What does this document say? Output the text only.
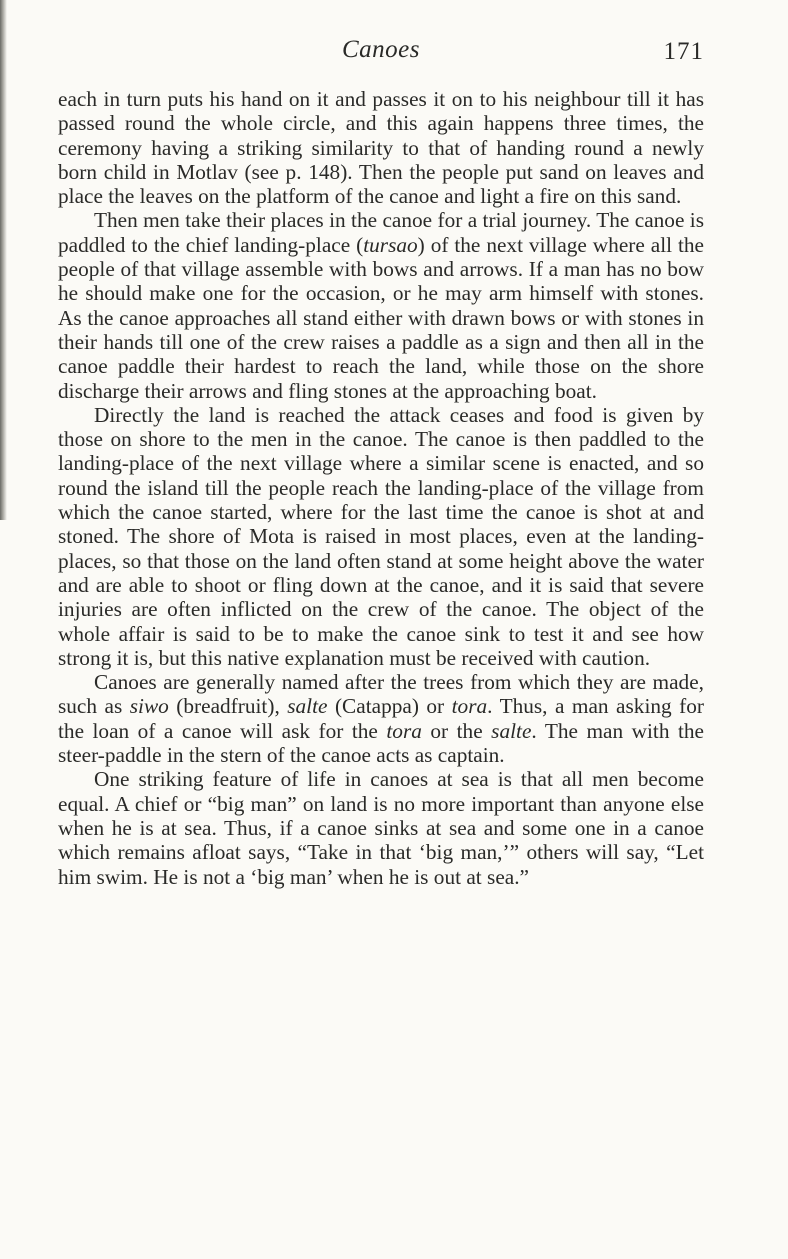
Canoes	171

each in turn puts his hand on it and passes it on to his neighbour till it has passed round the whole circle, and this again happens three times, the ceremony having a striking similarity to that of handing round a newly born child in Motlav (see p. 148). Then the people put sand on leaves and place the leaves on the platform of the canoe and light a fire on this sand.

Then men take their places in the canoe for a trial journey. The canoe is paddled to the chief landing-place (tursao) of the next village where all the people of that village assemble with bows and arrows. If a man has no bow he should make one for the occasion, or he may arm himself with stones. As the canoe approaches all stand either with drawn bows or with stones in their hands till one of the crew raises a paddle as a sign and then all in the canoe paddle their hardest to reach the land, while those on the shore discharge their arrows and fling stones at the approaching boat.

Directly the land is reached the attack ceases and food is given by those on shore to the men in the canoe. The canoe is then paddled to the landing-place of the next village where a similar scene is enacted, and so round the island till the people reach the landing-place of the village from which the canoe started, where for the last time the canoe is shot at and stoned. The shore of Mota is raised in most places, even at the landing-places, so that those on the land often stand at some height above the water and are able to shoot or fling down at the canoe, and it is said that severe injuries are often inflicted on the crew of the canoe. The object of the whole affair is said to be to make the canoe sink to test it and see how strong it is, but this native explanation must be received with caution.

Canoes are generally named after the trees from which they are made, such as siwo (breadfruit), salte (Catappa) or tora. Thus, a man asking for the loan of a canoe will ask for the tora or the salte. The man with the steer-paddle in the stern of the canoe acts as captain.

One striking feature of life in canoes at sea is that all men become equal. A chief or “big man” on land is no more important than anyone else when he is at sea. Thus, if a canoe sinks at sea and some one in a canoe which remains afloat says, “Take in that ‘big man,’” others will say, “Let him swim. He is not a ‘big man’ when he is out at sea.”
